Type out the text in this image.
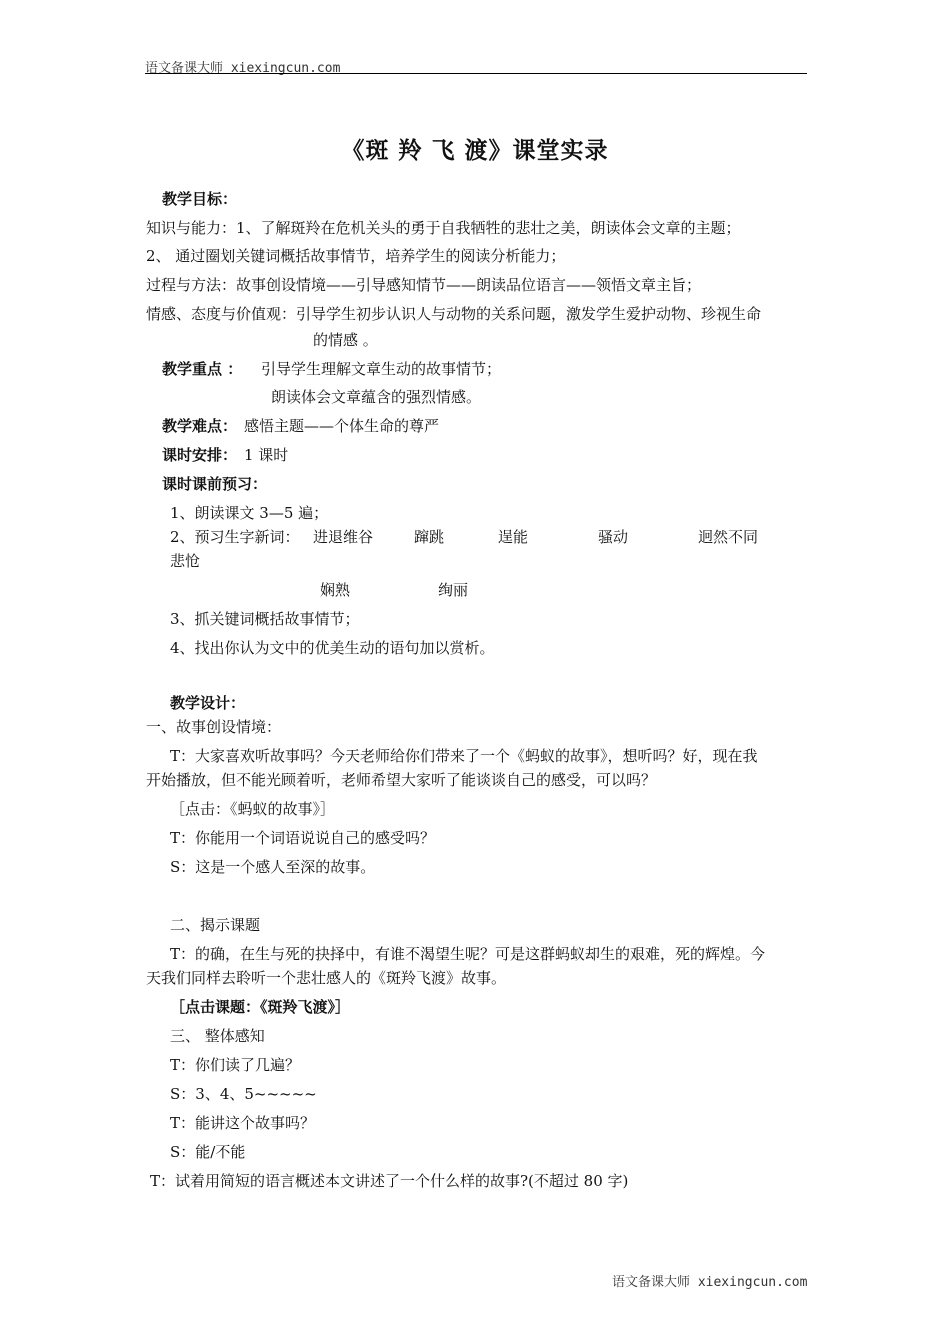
语文备课大师 xiexingcun.com
《斑 羚 飞 渡》课堂实录
教学目标：
知识与能力：1、了解斑羚在危机关头的勇于自我牺牲的悲壮之美，朗读体会文章的主题；
2、 通过圈划关键词概括故事情节，培养学生的阅读分析能力；
过程与方法：故事创设情境——引导感知情节——朗读品位语言——领悟文章主旨；
情感、态度与价值观：引导学生初步认识人与动物的关系问题，激发学生爱护动物、珍视生命
的情感 。
教学重点 ： 引导学生理解文章生动的故事情节；
朗读体会文章蕴含的强烈情感。
教学难点： 感悟主题——个体生命的尊严
课时安排： 1 课时
课时课前预习：
1、朗读课文 3—5 遍；
2、预习生字新词： 进退维谷	蹿跳	逞能	骚动	迥然不同
悲怆
娴熟	绚丽
3、抓关键词概括故事情节；
4、找出你认为文中的优美生动的语句加以赏析。
教学设计：
一、故事创设情境：
T：大家喜欢听故事吗？今天老师给你们带来了一个《蚂蚁的故事》，想听吗？好，现在我
开始播放，但不能光顾着听，老师希望大家听了能谈谈自己的感受，可以吗？
［点击：《蚂蚁的故事》］
T：你能用一个词语说说自己的感受吗？
S：这是一个感人至深的故事。
二、揭示课题
T：的确，在生与死的抉择中，有谁不渴望生呢？可是这群蚂蚁却生的艰难，死的辉煌。今
天我们同样去聆听一个悲壮感人的《斑羚飞渡》故事。
［点击课题：《斑羚飞渡》］
三、 整体感知
T：你们读了几遍？
S：3、4、5~~~~~
T：能讲这个故事吗？
S：能/不能
T：试着用简短的语言概述本文讲述了一个什么样的故事?(不超过 80 字)
语文备课大师 xiexingcun.com
